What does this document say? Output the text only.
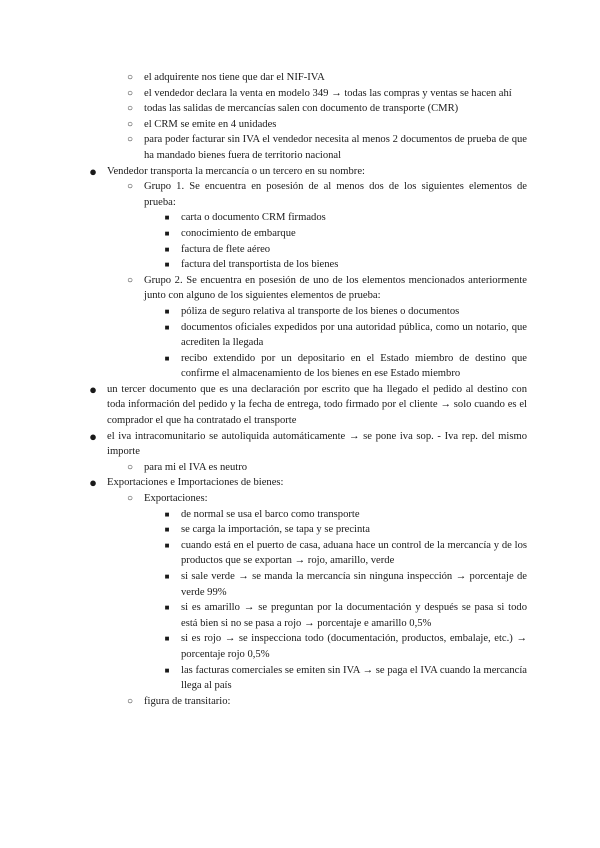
○ el adquirente nos tiene que dar el NIF-IVA
○ el vendedor declara la venta en modelo 349 → todas las compras y ventas se hacen ahí
○ todas las salidas de mercancías salen con documento de transporte (CMR)
○ el CRM se emite en 4 unidades
○ para poder facturar sin IVA el vendedor necesita al menos 2 documentos de prueba de que ha mandado bienes fuera de territorio nacional
● Vendedor transporta la mercancía o un tercero en su nombre:
○ Grupo 1. Se encuentra en posesión de al menos dos de los siguientes elementos de prueba:
■	carta o documento CRM firmados
■	conocimiento de embarque
■	factura de flete aéreo
■	factura del transportista de los bienes
○ Grupo 2. Se encuentra en posesión de uno de los elementos mencionados anteriormente junto con alguno de los siguientes elementos de prueba:
■	póliza de seguro relativa al transporte de los bienes o documentos
■	documentos oficiales expedidos por una autoridad pública, como un notario, que acrediten la llegada
■	recibo extendido por un depositario en el Estado miembro de destino que confirme el almacenamiento de los bienes en ese Estado miembro
● un tercer documento que es una declaración por escrito que ha llegado el pedido al destino con toda información del pedido y la fecha de entrega, todo firmado por el cliente → solo cuando es el comprador el que ha contratado el transporte
● el iva intracomunitario se autoliquida automáticamente → se pone iva sop. - Iva rep. del mismo importe
○ para mi el IVA es neutro
● Exportaciones e Importaciones de bienes:
○ Exportaciones:
■	de normal se usa el barco como transporte
■	se carga la importación, se tapa y se precinta
■	cuando está en el puerto de casa, aduana hace un control de la mercancía y de los productos que se exportan → rojo, amarillo, verde
■	si sale verde → se manda la mercancía sin ninguna inspección → porcentaje de verde 99%
■	si es amarillo → se preguntan por la documentación y después se pasa si todo está bien si no se pasa a rojo → porcentaje e amarillo 0,5%
■	si es rojo → se inspecciona todo (documentación, productos, embalaje, etc.) → porcentaje rojo 0,5%
■	las facturas comerciales se emiten sin IVA → se paga el IVA cuando la mercancía llega al país
○ figura de transitario:
